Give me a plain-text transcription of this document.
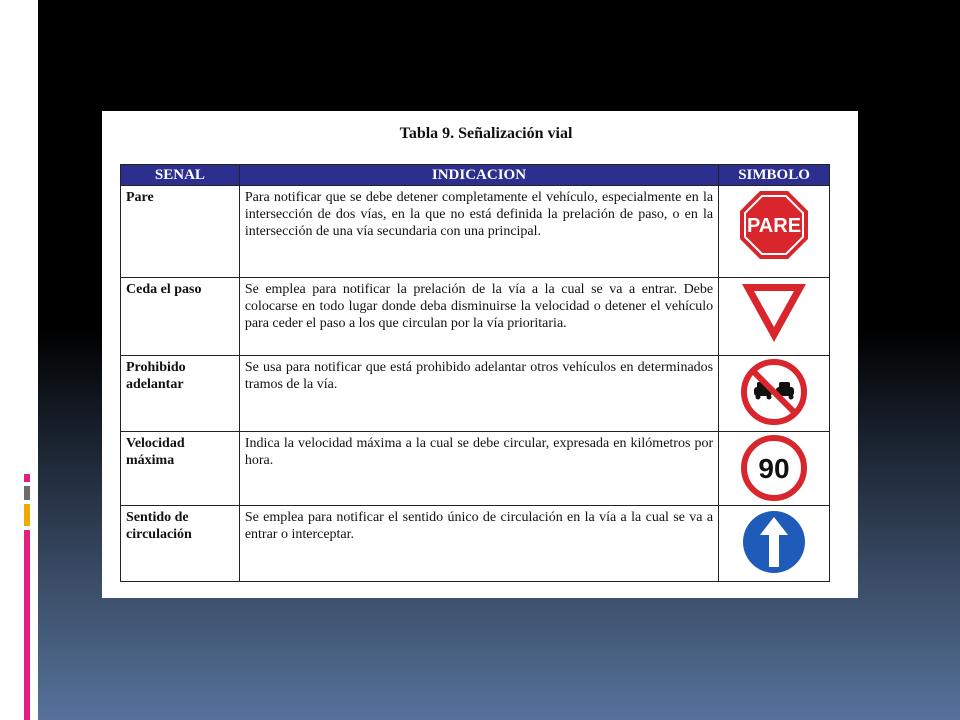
Tabla 9. Señalización vial
SENAL	INDICACION	SIMBOLO
Pare	Para notificar que se debe detener completamente el vehículo, especialmente en la intersección de dos vías, en la que no está definida la prelación de paso, o en la intersección de una vía secundaria con una principal.	PARE

Ceda el paso	Se emplea para notificar la prelación de la vía a la cual se va a entrar. Debe colocarse en todo lugar donde deba disminuirse la velocidad o detener el vehículo para ceder el paso a los que circulan por la vía prioritaria.	

Prohibido adelantar	Se usa para notificar que está prohibido adelantar otros vehículos en determinados tramos de la vía.	

Velocidad máxima	Indica la velocidad máxima a la cual se debe circular, expresada en kilómetros por hora.	90

Sentido de circulación	Se emplea para notificar el sentido único de circulación en la vía a la cual se va a entrar o interceptar.	
